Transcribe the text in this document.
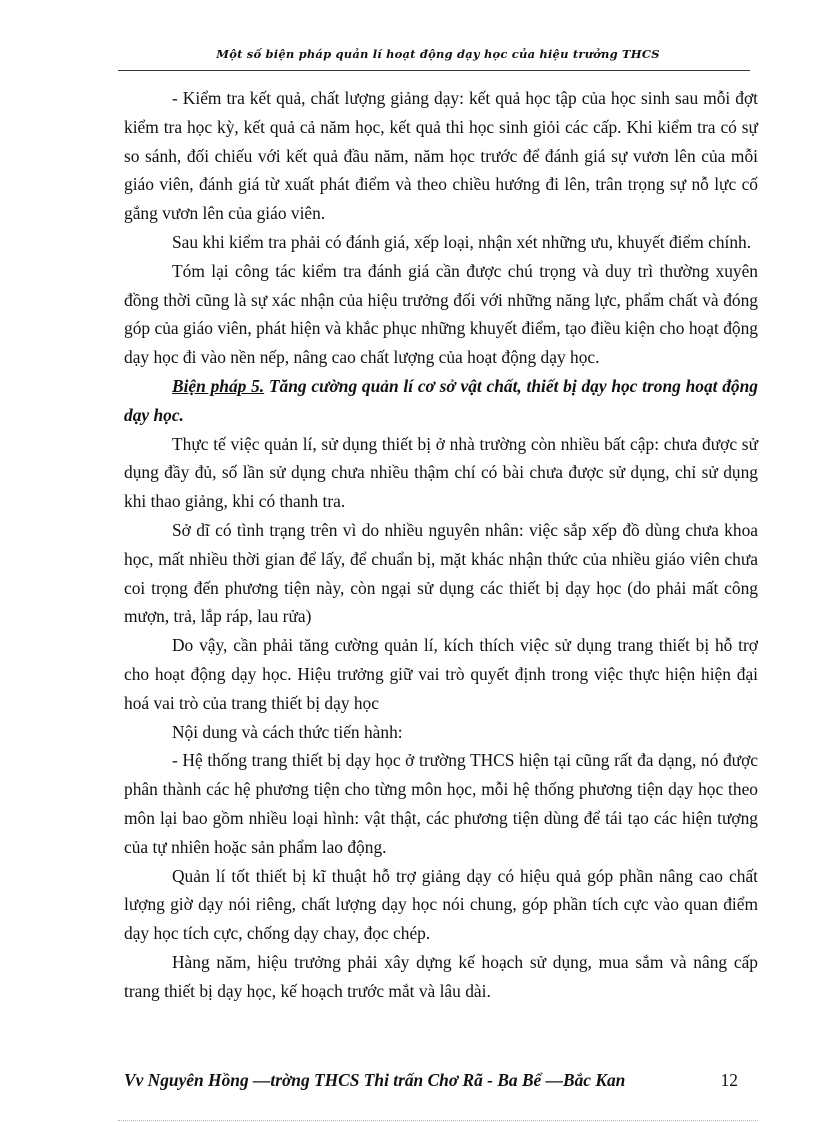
Một số biện pháp quản lí hoạt động dạy học của hiệu trưởng THCS

- Kiểm tra kết quả, chất lượng giảng dạy: kết quả học tập của học sinh sau mỗi đợt kiểm tra học kỳ, kết quả cả năm học, kết quả thi học sinh giỏi các cấp. Khi kiểm tra có sự so sánh, đối chiếu với kết quả đầu năm, năm học trước để đánh giá sự vươn lên của mỗi giáo viên, đánh giá từ xuất phát điểm và theo chiều hướng đi lên, trân trọng sự nỗ lực cố gắng vươn lên của giáo viên.

Sau khi kiểm tra phải có đánh giá, xếp loại, nhận xét những ưu, khuyết điểm chính.

Tóm lại công tác kiểm tra đánh giá cần được chú trọng và duy trì thường xuyên đồng thời cũng là sự xác nhận của hiệu trưởng đối với những năng lực, phẩm chất và đóng góp của giáo viên, phát hiện và khắc phục những khuyết điểm, tạo điều kiện cho hoạt động dạy học đi vào nền nếp, nâng cao chất lượng của hoạt động dạy học.

Biện pháp 5. Tăng cường quản lí cơ sở vật chất, thiết bị dạy học trong hoạt động dạy học.

Thực tế việc quản lí, sử dụng thiết bị ở nhà trường còn nhiều bất cập: chưa được sử dụng đầy đủ, số lần sử dụng chưa nhiều thậm chí có bài chưa được sử dụng, chỉ sử dụng khi thao giảng, khi có thanh tra.

Sở dĩ có tình trạng trên vì do nhiều nguyên nhân: việc sắp xếp đồ dùng chưa khoa học, mất nhiều thời gian để lấy, để chuẩn bị, mặt khác nhận thức của nhiều giáo viên chưa coi trọng đến phương tiện này, còn ngại sử dụng các thiết bị dạy học (do phải mất công mượn, trả, lắp ráp, lau rửa)

Do vậy, cần phải tăng cường quản lí, kích thích việc sử dụng trang thiết bị hỗ trợ cho hoạt động dạy học. Hiệu trưởng giữ vai trò quyết định trong việc thực hiện hiện đại hoá vai trò của trang thiết bị dạy học

Nội dung và cách thức tiến hành:

- Hệ thống trang thiết bị dạy học ở trường THCS hiện tại cũng rất đa dạng, nó được phân thành các hệ phương tiện cho từng môn học, mỗi hệ thống phương tiện dạy học theo môn lại bao gồm nhiều loại hình: vật thật, các phương tiện dùng để tái tạo các hiện tượng của tự nhiên hoặc sản phẩm lao động.

Quản lí tốt thiết bị kĩ thuật hỗ trợ giảng dạy có hiệu quả góp phần nâng cao chất lượng giờ dạy nói riêng, chất lượng dạy học nói chung, góp phần tích cực vào quan điểm dạy học tích cực, chống dạy chay, đọc chép.

Hàng năm, hiệu trưởng phải xây dựng kế hoạch sử dụng, mua sắm và nâng cấp trang thiết bị dạy học, kế hoạch trước mắt và lâu dài.

Vv Nguyên Hồng —trờng THCS Thi trấn Chơ Rã - Ba Bể —Bắc Kan	12
